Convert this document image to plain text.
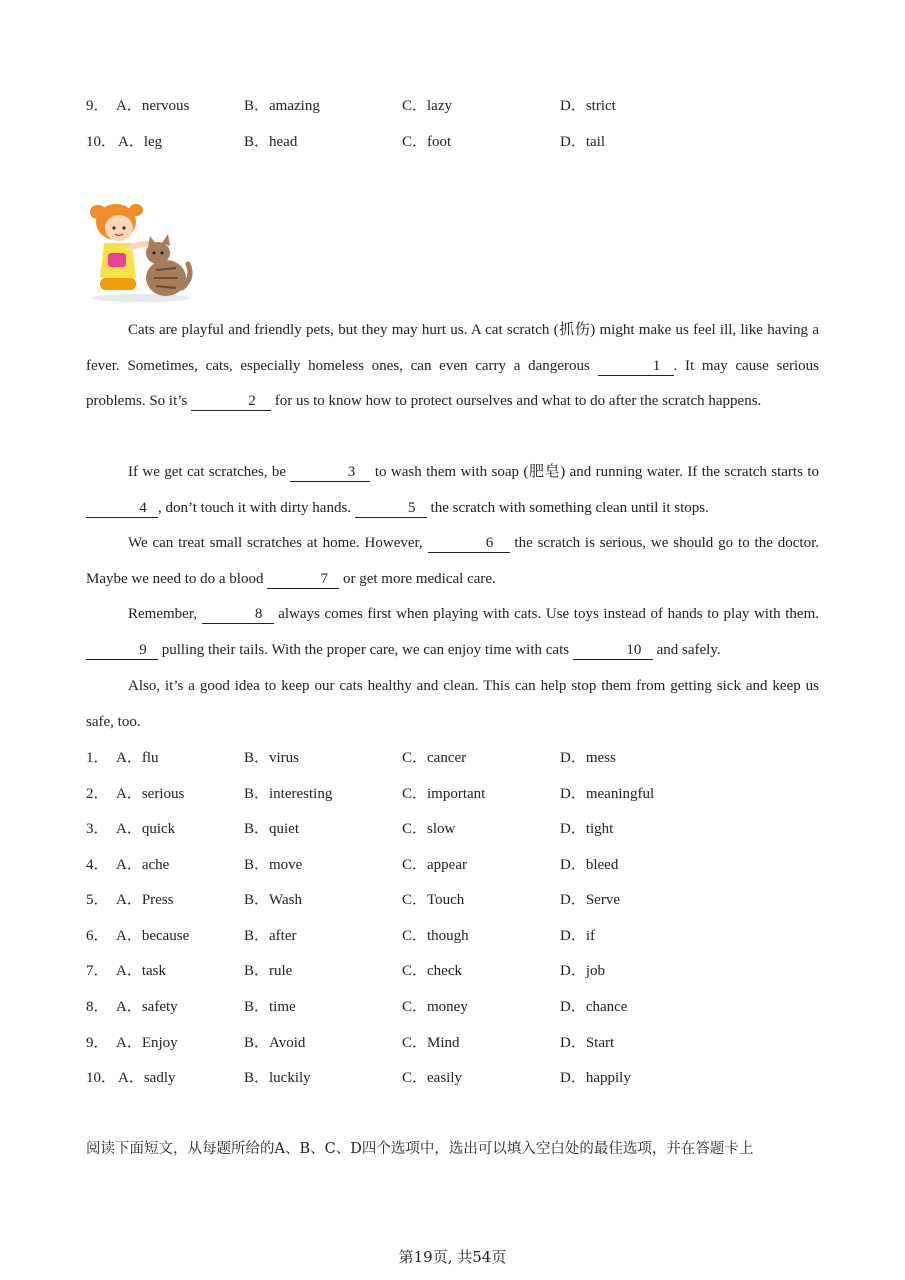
9． A．nervous	B．amazing	C．lazy	D．strict
10． A．leg	B．head	C．foot	D．tail

Cats are playful and friendly pets, but they may hurt us. A cat scratch (抓伤) might make us feel ill, like having a fever. Sometimes, cats, especially homeless ones, can even carry a dangerous	1 . It may cause serious problems. So it’s	2 for us to know how to protect ourselves and what to do after the scratch happens.

If we get cat scratches, be	3 to wash them with soap (肥皂) and running water. If the scratch starts to 4 , don’t touch it with dirty hands.	5 the scratch with something clean until it stops.

We can treat small scratches at home. However,	6 the scratch is serious, we should go to the doctor. Maybe we need to do a blood	7 or get more medical care.

Remember,	8 always comes first when playing with cats. Use toys instead of hands to play with them. 9 pulling their tails. With the proper care, we can enjoy time with cats	10 and safely.

Also, it’s a good idea to keep our cats healthy and clean. This can help stop them from getting sick and keep us safe, too.

1． A．flu	B．virus	C．cancer	D．mess
2． A．serious	B．interesting	C．important	D．meaningful
3． A．quick	B．quiet	C．slow	D．tight
4． A．ache	B．move	C．appear	D．bleed
5． A．Press	B．Wash	C．Touch	D．Serve
6． A．because	B．after	C．though	D．if
7． A．task	B．rule	C．check	D．job
8． A．safety	B．time	C．money	D．chance
9． A．Enjoy	B．Avoid	C．Mind	D．Start
10． A．sadly	B．luckily	C．easily	D．happily
阅读下面短文，从每题所给的A、B、C、D四个选项中，选出可以填入空白处的最佳选项，并在答题卡上
第19页, 共54页
